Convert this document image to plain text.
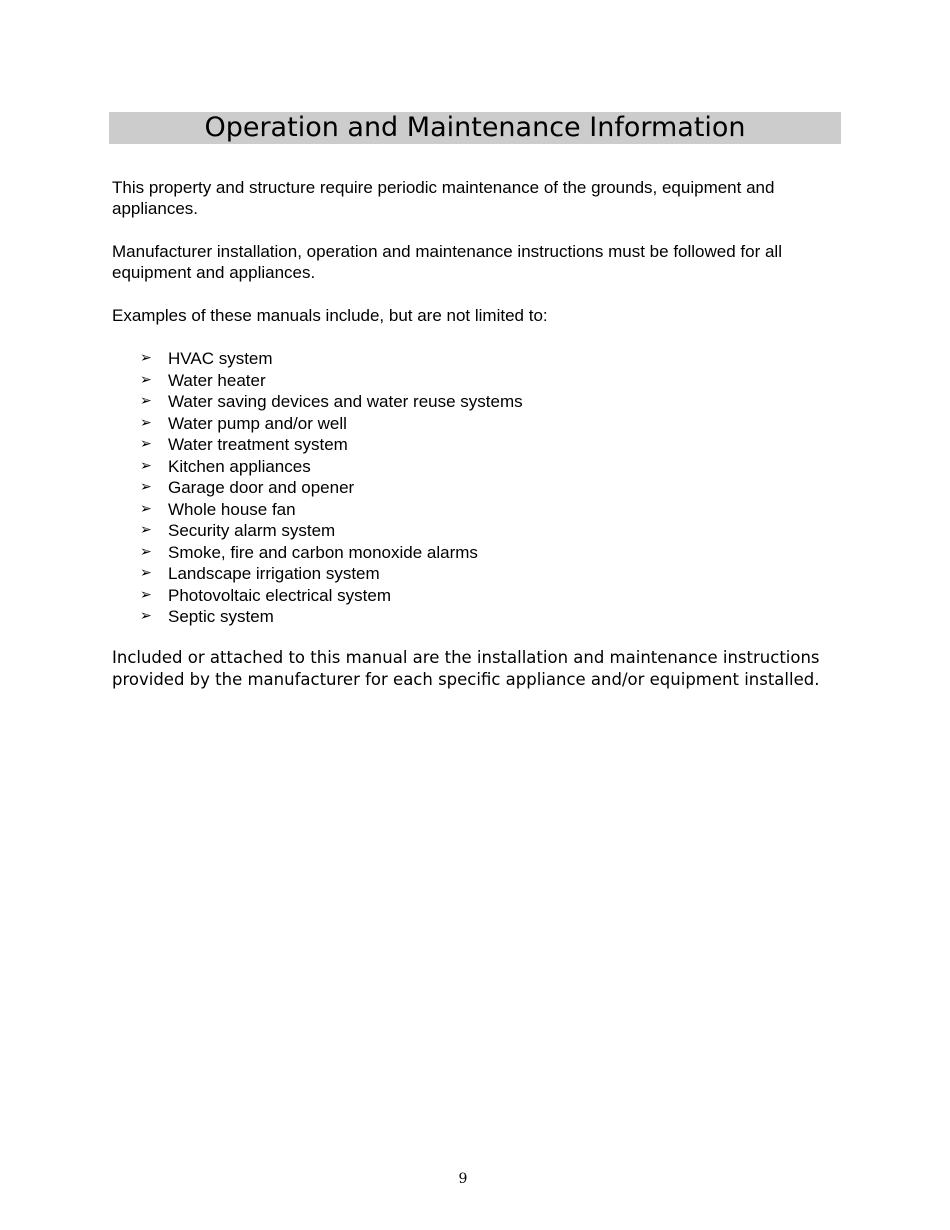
Operation and Maintenance Information

This property and structure require periodic maintenance of the grounds, equipment and appliances.

Manufacturer installation, operation and maintenance instructions must be followed for all equipment and appliances.

Examples of these manuals include, but are not limited to:

➢ HVAC system
➢ Water heater
➢ Water saving devices and water reuse systems
➢ Water pump and/or well
➢ Water treatment system
➢ Kitchen appliances
➢ Garage door and opener
➢ Whole house fan
➢ Security alarm system
➢ Smoke, fire and carbon monoxide alarms
➢ Landscape irrigation system
➢ Photovoltaic electrical system
➢ Septic system

Included or attached to this manual are the installation and maintenance instructions provided by the manufacturer for each specific appliance and/or equipment installed.

9
